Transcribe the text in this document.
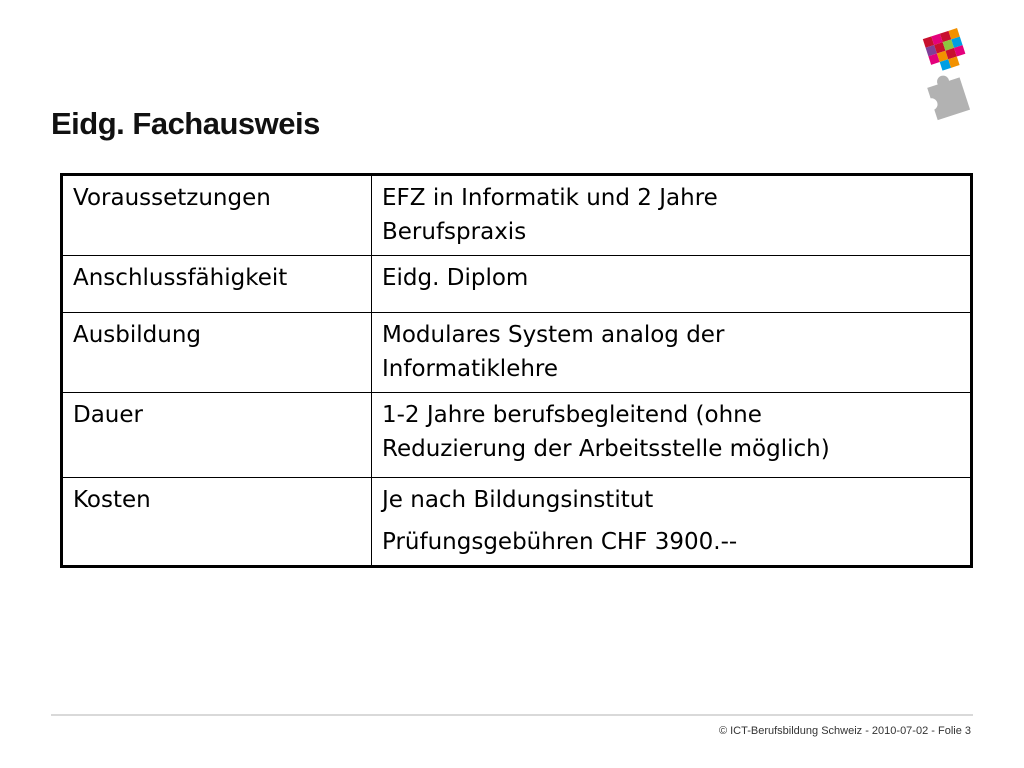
Eidg. Fachausweis
Voraussetzungen	EFZ in Informatik und 2 Jahre
Berufspraxis

Anschlussfähigkeit	Eidg. Diplom

Ausbildung	Modulares System analog der
Informatiklehre

Dauer	1-2 Jahre berufsbegleitend (ohne
Reduzierung der Arbeitsstelle möglich)

Kosten	Je nach Bildungsinstitut
Prüfungsgebühren CHF 3900.--
© ICT-Berufsbildung Schweiz - 2010-07-02 - Folie 3
